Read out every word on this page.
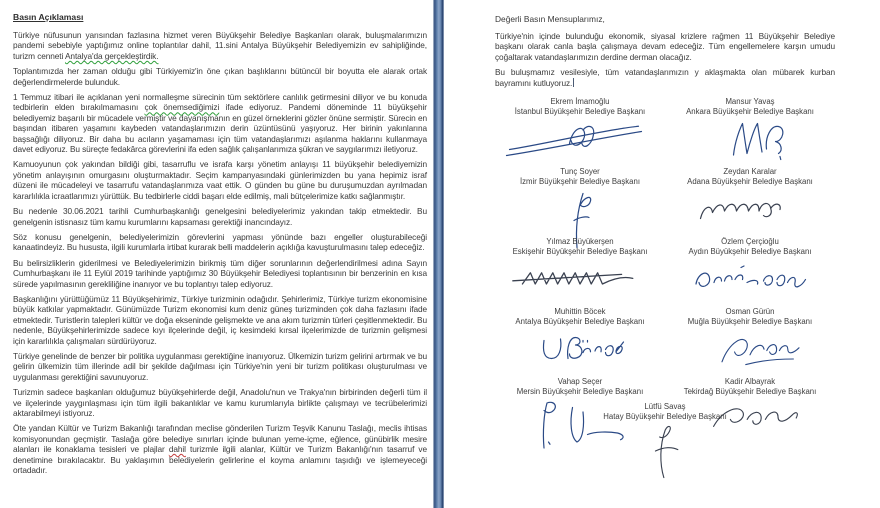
Basın Açıklaması

Türkiye nüfusunun yarısından fazlasına hizmet veren Büyükşehir Belediye Başkanları olarak, buluşmalarımızın pandemi sebebiyle yaptığımız online toplantılar dahil, 11.sini Antalya Büyükşehir Belediyemizin ev sahipliğinde, turizm cenneti Antalya'da gerçekleştirdik.

Toplantımızda her zaman olduğu gibi Türkiyemiz'in öne çıkan başlıklarını bütüncül bir boyutta ele alarak ortak değerlendirmelerde bulunduk.

1 Temmuz itibari ile açıklanan yeni normalleşme sürecinin tüm sektörlere canlılık getirmesini diliyor ve bu konuda tedbirlerin elden bırakılmamasını çok önemsediğimizi ifade ediyoruz. Pandemi döneminde 11 büyükşehir belediyemiz başarılı bir mücadele vermiştir ve dayanışmanın en güzel örneklerini gözler önüne sermiştir. Sürecin en başından itibaren yaşamını kaybeden vatandaşlarımızın derin üzüntüsünü yaşıyoruz. Her birinin yakınlarına başsağlığı diliyoruz. Bir daha bu acıların yaşamaması için tüm vatandaşlarımızı aşılanma haklarını kullanmaya davet ediyoruz. Bu süreçte fedakârca görevlerini ifa eden sağlık çalışanlarımıza şükran ve saygılarımızı iletiyoruz.

Kamuoyunun çok yakından bildiği gibi, tasarruflu ve israfa karşı yönetim anlayışı 11 büyükşehir belediyemizin yönetim anlayışının omurgasını oluşturmaktadır. Seçim kampanyasındaki günlerimizden bu yana hepimiz israf düzeni ile mücadeleyi ve tasarrufu vatandaşlarımıza vaat ettik. O günden bu güne bu duruşumuzdan ayrılmadan kararlılıkla icraatlarımızı yürüttük. Bu tedbirlerle ciddi başarı elde edilmiş, mali bütçelerimize katkı sağlanmıştır.

Bu nedenle 30.06.2021 tarihli Cumhurbaşkanlığı genelgesini belediyelerimiz yakından takip etmektedir. Bu genelgenin istisnasız tüm kamu kurumlarını kapsaması gerektiği inancındayız.

Söz konusu genelgenin, belediyelerimizin görevlerini yapması yönünde bazı engeller oluşturabileceği kanaatindeyiz. Bu hususta, ilgili kurumlarla irtibat kurarak belli maddelerin açıklığa kavuşturulmasını talep edeceğiz.

Bu belirsizliklerin giderilmesi ve Belediyelerimizin birikmiş tüm diğer sorunlarının değerlendirilmesi adına Sayın Cumhurbaşkanı ile 11 Eylül 2019 tarihinde yaptığımız 30 Büyükşehir Belediyesi toplantısının bir benzerinin en kısa sürede yapılmasının gerekliliğine inanıyor ve bu toplantıyı talep ediyoruz.

Başkanlığını yürüttüğümüz 11 Büyükşehirimiz, Türkiye turizminin odağıdır. Şehirlerimiz, Türkiye turizm ekonomisine büyük katkılar yapmaktadır. Günümüzde Turizm ekonomisi kum deniz güneş turizminden çok daha fazlasını ifade etmektedir. Turistlerin talepleri kültür ve doğa ekseninde gelişmekte ve ana akım turizmin türleri çeşitlenmektedir. Bu nedenle, Büyükşehirlerimizde sadece kıyı ilçelerinde değil, iç kesimdeki kırsal ilçelerimizde de turizmin gelişmesi için kararlılıkla çalışmaları sürdürüyoruz.

Türkiye genelinde de benzer bir politika uygulanması gerektiğine inanıyoruz. Ülkemizin turizm gelirini artırmak ve bu gelirin ülkemizin tüm illerinde adil bir şekilde dağılması için Türkiye'nin yeni bir turizm politikası oluşturulması ve uygulanması gerektiğini savunuyoruz.

Turizmin sadece başkanları olduğumuz büyükşehirlerde değil, Anadolu'nun ve Trakya'nın birbirinden değerli tüm il ve ilçelerinde yaygınlaşması için tüm ilgili bakanlıklar ve kamu kurumlarıyla birlikte çalışmayı ve tecrübelerimizi aktarabilmeyi istiyoruz.

Öte yandan Kültür ve Turizm Bakanlığı tarafından meclise gönderilen Turizm Teşvik Kanunu Taslağı, meclis ihtisas komisyonundan geçmiştir. Taslağa göre belediye sınırları içinde bulunan yeme-içme, eğlence, günübirlik mesire alanları ile konaklama tesisleri ve plajlar dahil turizmle ilgili alanlar, Kültür ve Turizm Bakanlığı'nın tasarruf ve denetimine bırakılacaktır. Bu yaklaşımın belediyelerin gelirlerine el koyma anlamını taşıdığı ve işlemeyeceği ortadadır.

Değerli Basın Mensuplarımız,

Türkiye'nin içinde bulunduğu ekonomik, siyasal krizlere rağmen 11 Büyükşehir Belediye başkanı olarak canla başla çalışmaya devam edeceğiz. Tüm engellemelere karşın umudu çoğaltarak vatandaşlarımızın derdine derman olacağız.

Bu buluşmamız vesilesiyle, tüm vatandaşlarımızın y aklaşmakta olan mübarek kurban bayramını kutluyoruz.

Ekrem İmamoğlu
İstanbul Büyükşehir Belediye Başkanı
Mansur Yavaş
Ankara Büyükşehir Belediye Başkanı
Tunç Soyer
İzmir Büyükşehir Belediye Başkanı
Zeydan Karalar
Adana Büyükşehir Belediye Başkanı
Yılmaz Büyükerşen
Eskişehir Büyükşehir Belediye Başkanı
Özlem Çerçioğlu
Aydın Büyükşehir Belediye Başkanı
Muhittin Böcek
Antalya Büyükşehir Belediye Başkanı
Osman Gürün
Muğla Büyükşehir Belediye Başkanı
Vahap Seçer
Mersin Büyükşehir Belediye Başkanı
Kadir Albayrak
Tekirdağ Büyükşehir Belediye Başkanı
Lütfü Savaş
Hatay Büyükşehir Belediye Başkanı
